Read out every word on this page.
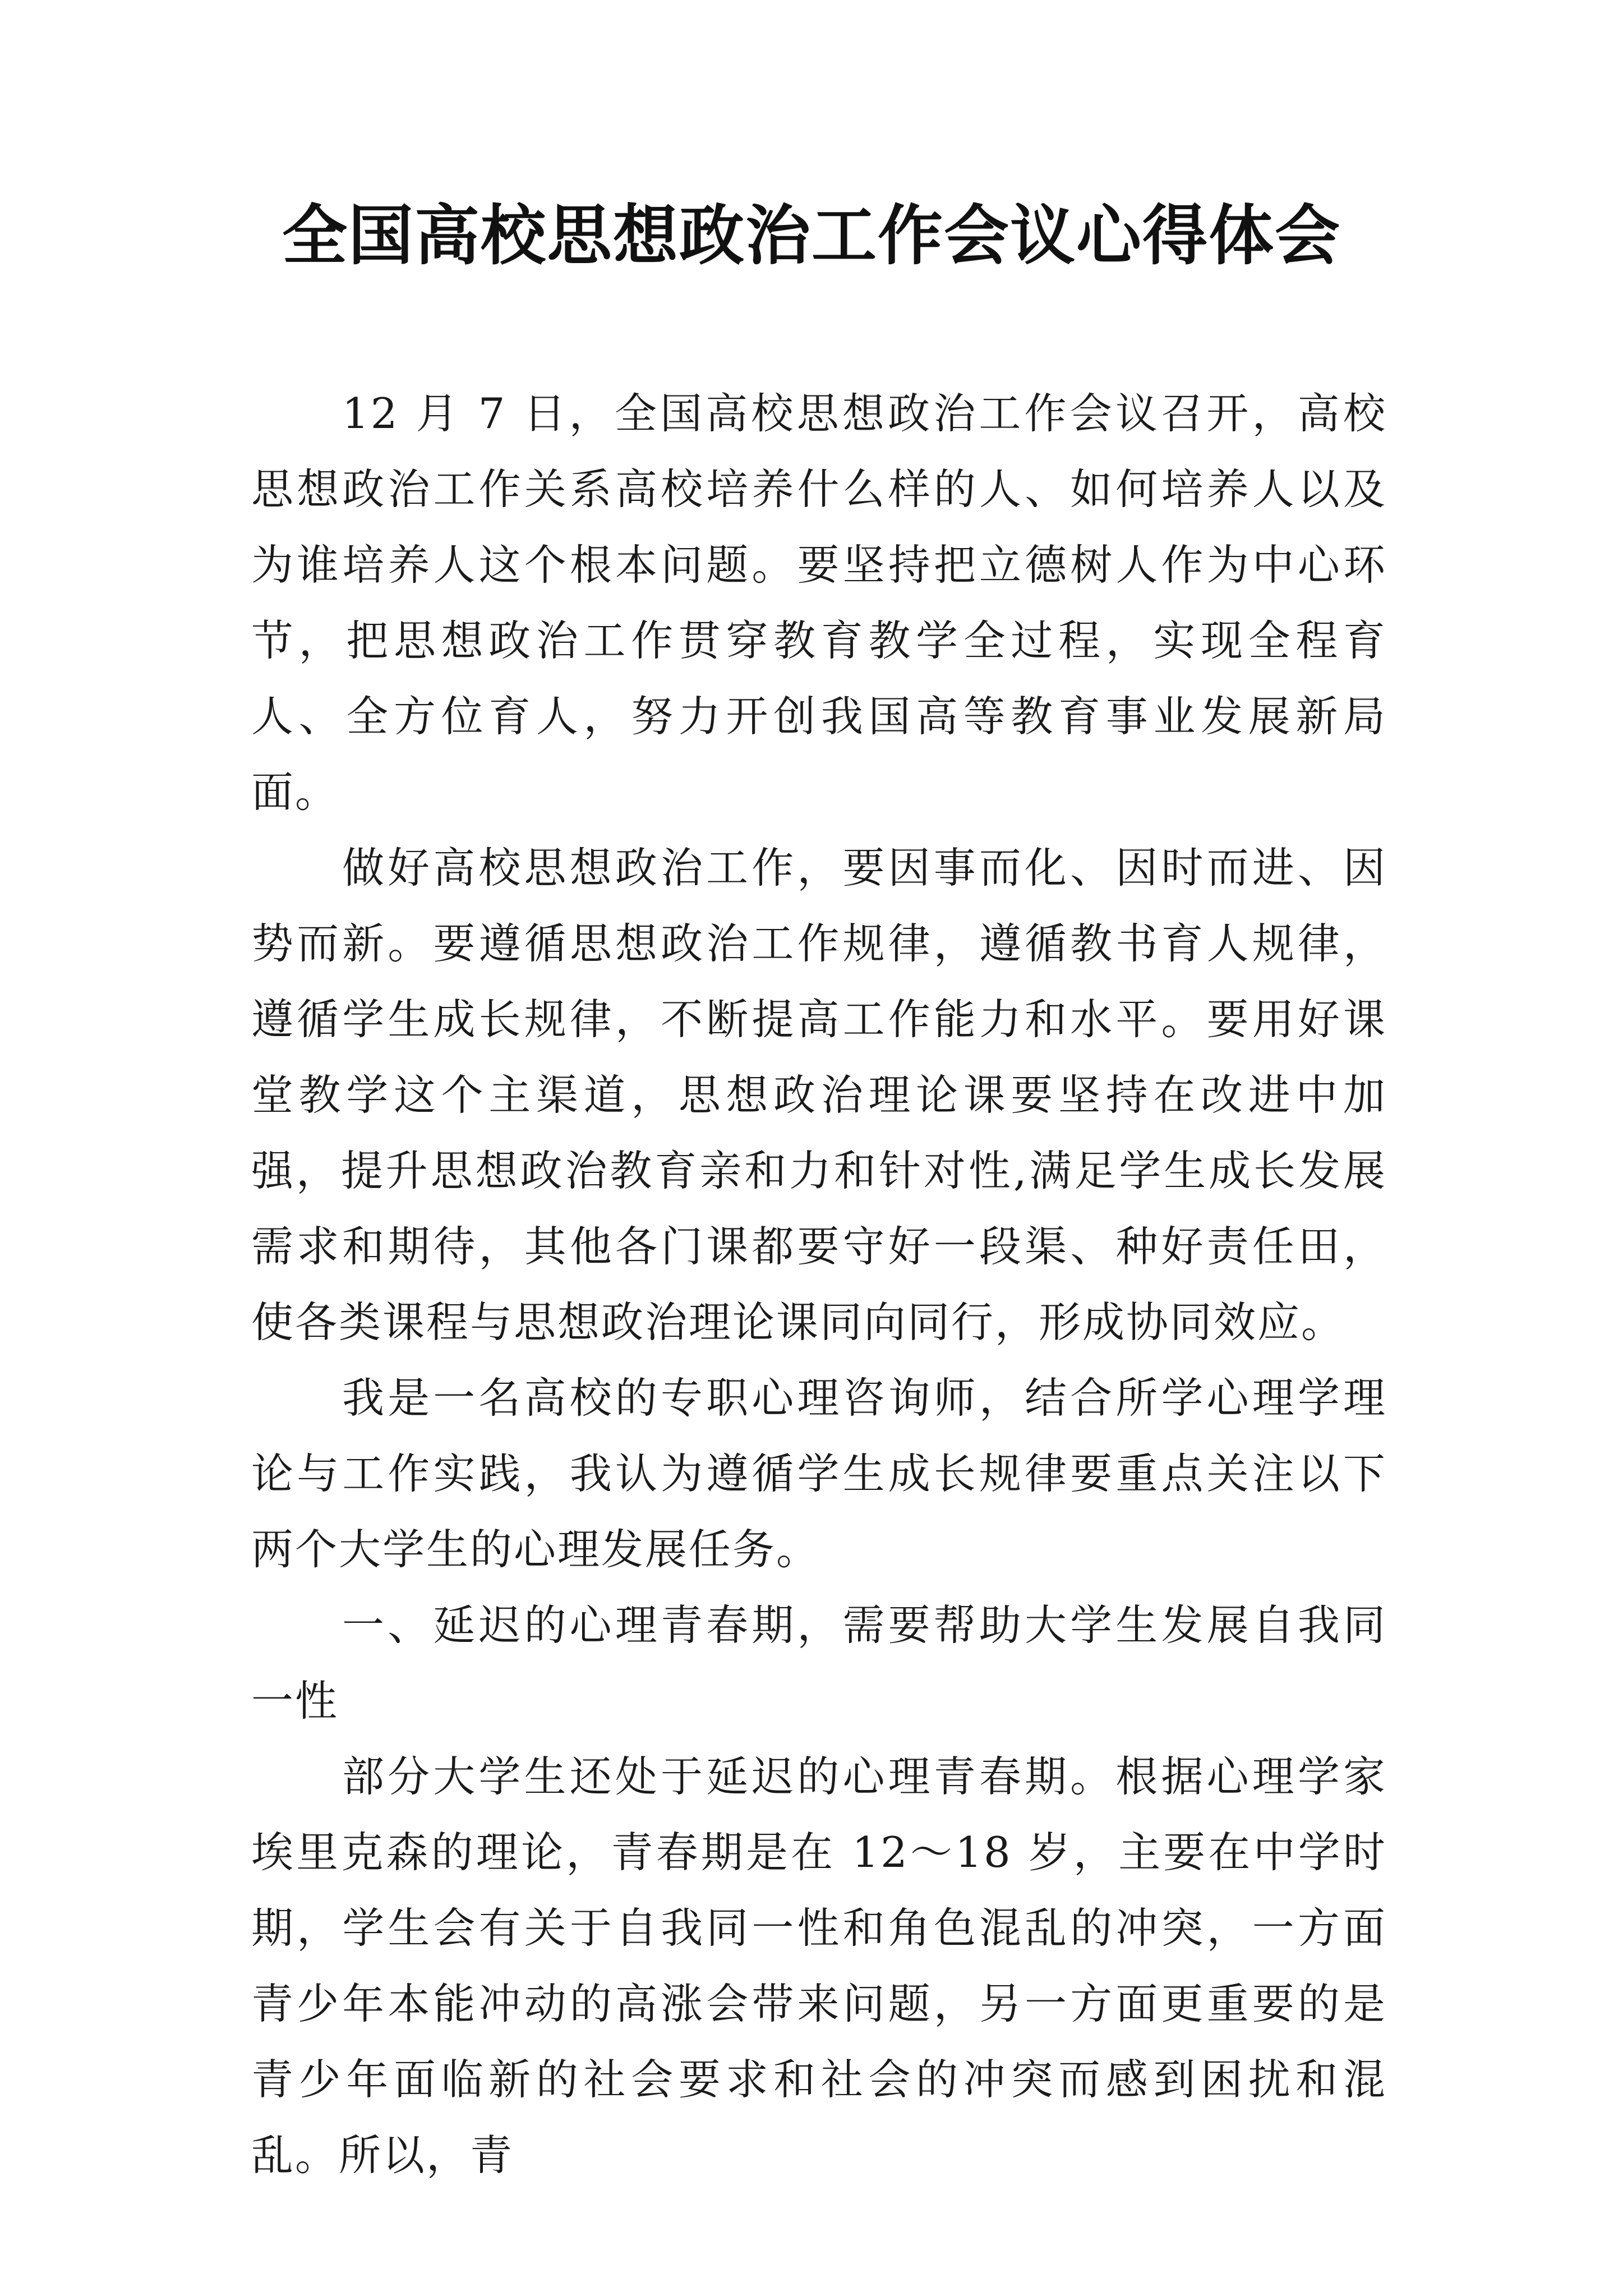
全国高校思想政治工作会议心得体会

12 月 7 日，全国高校思想政治工作会议召开，高校思想政治工作关系高校培养什么样的人、如何培养人以及为谁培养人这个根本问题。要坚持把立德树人作为中心环节，把思想政治工作贯穿教育教学全过程，实现全程育人、全方位育人，努力开创我国高等教育事业发展新局面。

做好高校思想政治工作，要因事而化、因时而进、因势而新。要遵循思想政治工作规律，遵循教书育人规律，遵循学生成长规律，不断提高工作能力和水平。要用好课堂教学这个主渠道，思想政治理论课要坚持在改进中加强，提升思想政治教育亲和力和针对性,满足学生成长发展需求和期待，其他各门课都要守好一段渠、种好责任田，使各类课程与思想政治理论课同向同行，形成协同效应。

我是一名高校的专职心理咨询师，结合所学心理学理论与工作实践，我认为遵循学生成长规律要重点关注以下两个大学生的心理发展任务。

一、延迟的心理青春期，需要帮助大学生发展自我同一性

部分大学生还处于延迟的心理青春期。根据心理学家埃里克森的理论，青春期是在 12～18 岁，主要在中学时期，学生会有关于自我同一性和角色混乱的冲突，一方面青少年本能冲动的高涨会带来问题，另一方面更重要的是青少年面临新的社会要求和社会的冲突而感到困扰和混乱。所以，青
